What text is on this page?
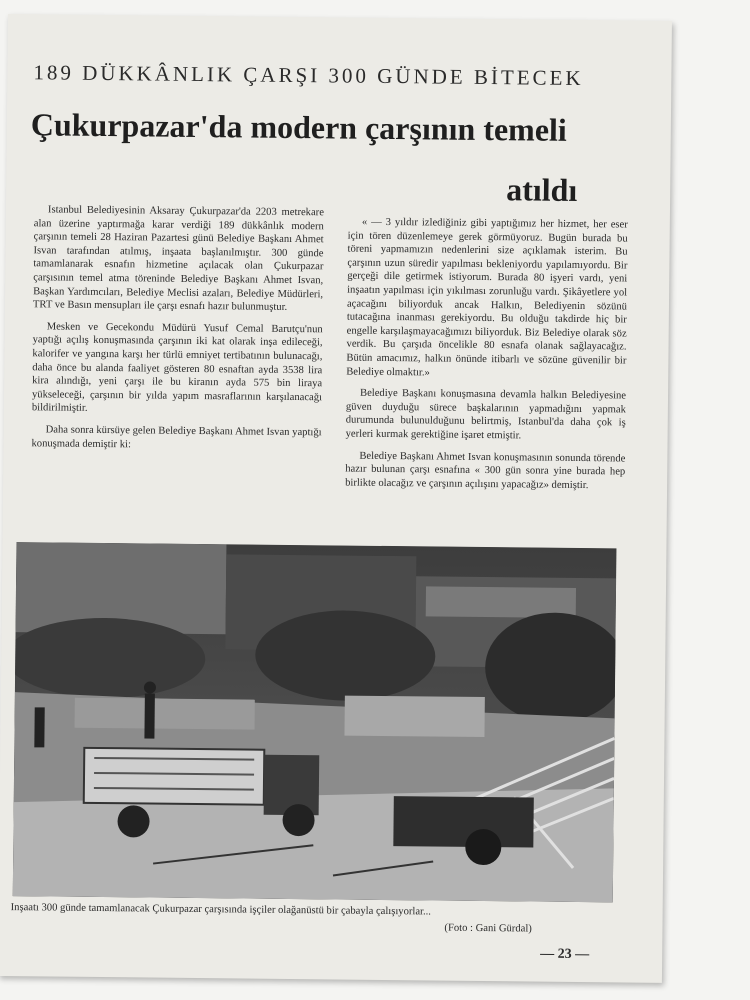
189 DÜKKÂNLIK ÇARŞI 300 GÜNDE BİTECEK
Çukurpazar'da modern çarşının temeli
atıldı

Istanbul Belediyesinin Aksaray Çukurpazar'da 2203 metrekare alan üzerine yaptırmağa karar verdiği 189 dükkânlık modern çarşının temeli 28 Haziran Pazartesi günü Belediye Başkanı Ahmet Isvan tarafından atılmış, inşaata başlanılmıştır. 300 günde tamamlanarak esnafın hizmetine açılacak olan Çukurpazar çarşısının temel atma töreninde Belediye Başkanı Ahmet Isvan, Başkan Yardımcıları, Belediye Meclisi azaları, Belediye Müdürleri, TRT ve Basın mensupları ile çarşı esnafı hazır bulunmuştur.

Mesken ve Gecekondu Müdürü Yusuf Cemal Barutçu'nun yaptığı açılış konuşmasında çarşının iki kat olarak inşa edileceği, kalorifer ve yangına karşı her türlü emniyet tertibatının bulunacağı, daha önce bu alanda faaliyet gösteren 80 esnaftan ayda 3538 lira kira alındığı, yeni çarşı ile bu kiranın ayda 575 bin liraya yükseleceği, çarşının bir yılda yapım masraflarının karşılanacağı bildirilmiştir.

Daha sonra kürsüye gelen Belediye Başkanı Ahmet Isvan yaptığı konuşmada demiştir ki:

« — 3 yıldır izlediğiniz gibi yaptığımız her hizmet, her eser için tören düzenlemeye gerek görmüyoruz. Bugün burada bu töreni yapmamızın nedenlerini size açıklamak isterim. Bu çarşının uzun süredir yapılması bekleniyordu yapılamıyordu. Bir gerçeği dile getirmek istiyorum. Burada 80 işyeri vardı, yeni inşaatın yapılması için yıkılması zorunluğu vardı. Şikâyetlere yol açacağını biliyorduk ancak Halkın, Belediyenin sözünü tutacağına inanması gerekiyordu. Bu olduğu takdirde hiç bir engelle karşılaşmayacağımızı biliyorduk. Biz Belediye olarak söz verdik. Bu çarşıda öncelikle 80 esnafa olanak sağlayacağız. Bütün amacımız, halkın önünde itibarlı ve sözüne güvenilir bir Belediye olmaktır.»

Belediye Başkanı konuşmasına devamla halkın Belediyesine güven duyduğu sürece başkalarının yapmadığını yapmak durumunda bulunulduğunu belirtmiş, Istanbul'da daha çok iş yerleri kurmak gerektiğine işaret etmiştir.

Belediye Başkanı Ahmet Isvan konuşmasının sonunda törende hazır bulunan çarşı esnafına « 300 gün sonra yine burada hep birlikte olacağız ve çarşının açılışını yapacağız» demiştir.

Inşaatı 300 günde tamamlanacak Çukurpazar çarşısında işçiler olağanüstü bir çabayla çalışıyorlar...
(Foto : Gani Gürdal)
— 23 —
